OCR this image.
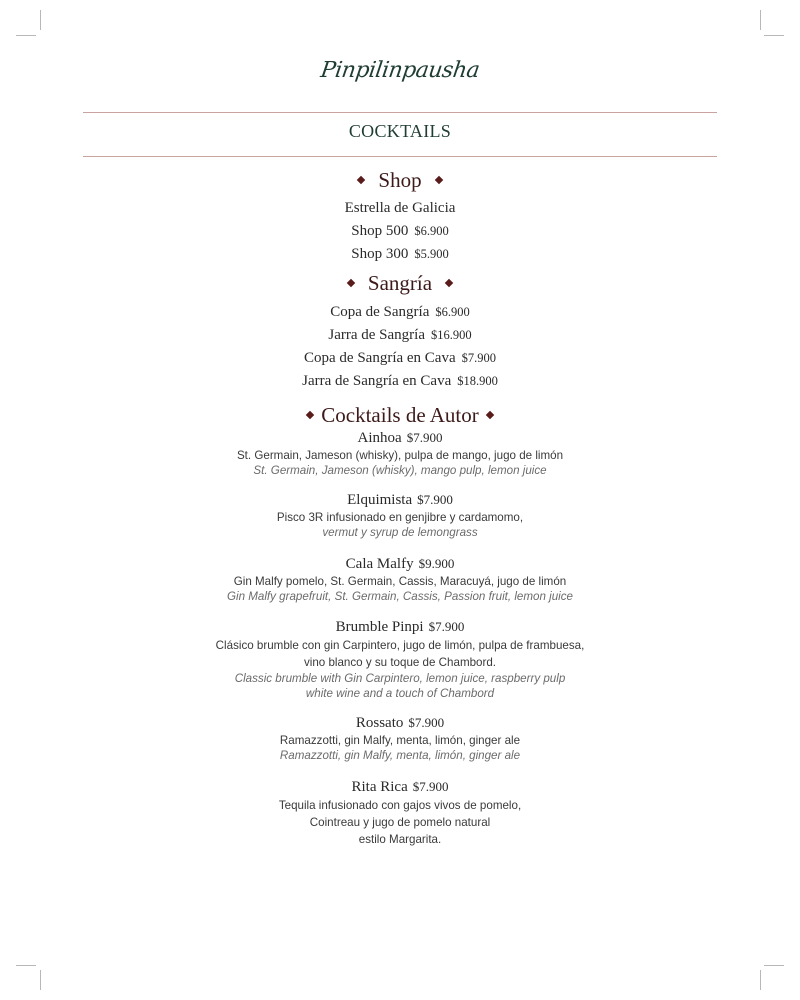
Pinpilinpausha
COCKTAILS
Shop
Estrella de Galicia
Shop 500 $6.900
Shop 300 $5.900
Sangría
Copa de Sangría $6.900
Jarra de Sangría $16.900
Copa de Sangría en Cava $7.900
Jarra de Sangría en Cava $18.900
Cocktails de Autor
Ainhoa $7.900
St. Germain, Jameson (whisky), pulpa de mango, jugo de limón
St. Germain, Jameson (whisky), mango pulp, lemon juice
Elquimista $7.900
Pisco 3R infusionado en genjibre y cardamomo,
vermut y syrup de lemongrass
Cala Malfy $9.900
Gin Malfy pomelo, St. Germain, Cassis, Maracuyá, jugo de limón
Gin Malfy grapefruit, St. Germain, Cassis, Passion fruit, lemon juice
Brumble Pinpi $7.900
Clásico brumble con gin Carpintero, jugo de limón, pulpa de frambuesa,
vino blanco y su toque de Chambord.
Classic brumble with Gin Carpintero, lemon juice, raspberry pulp
white wine and a touch of Chambord
Rossato $7.900
Ramazzotti, gin Malfy, menta, limón, ginger ale
Ramazzotti, gin Malfy, menta, limón, ginger ale
Rita Rica $7.900
Tequila infusionado con gajos vivos de pomelo,
Cointreau y jugo de pomelo natural
estilo Margarita.
